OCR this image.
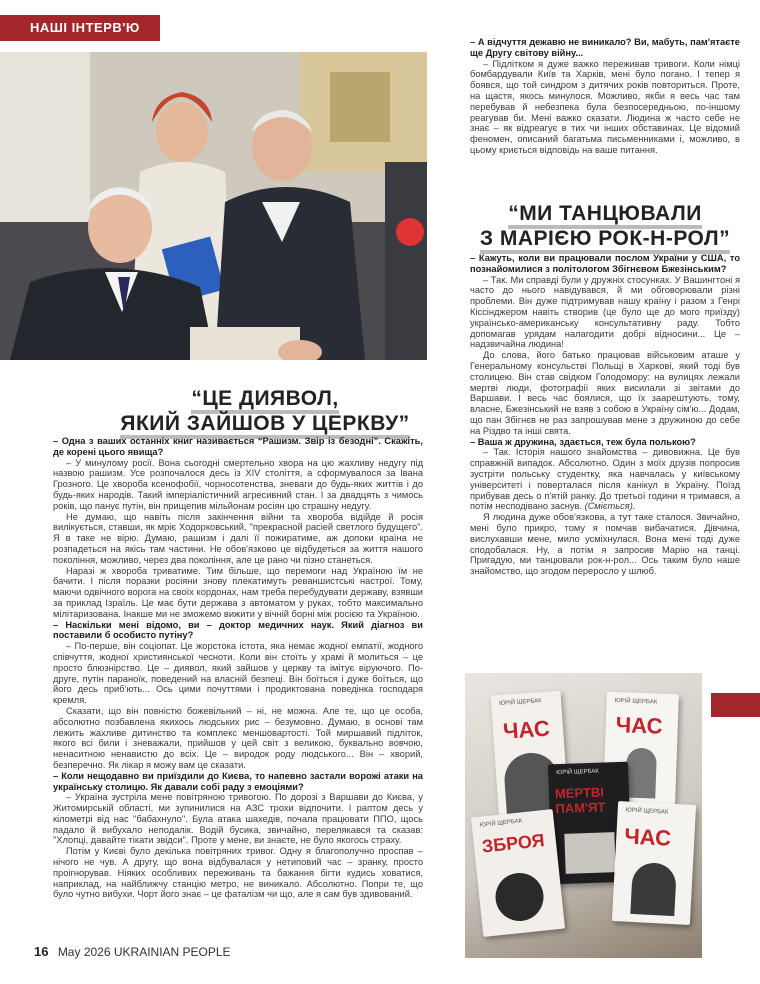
НАШІ ІНТЕРВ'Ю
“ЦЕ ДИЯВОЛ,
ЯКИЙ ЗАЙШОВ У ЦЕРКВУ”

– Одна з ваших останніх книг називається “Рашизм. Звір із безодні”. Скажіть, де корені цього явища?

– У минулому росії. Вона сьогодні смертельно хвора на цю жахливу недугу під назвою рашизм. Усе розпочалося десь із XIV століття, а сформувалося за Івана Грозного. Це хвороба ксенофобії, чорносотенства, зневаги до будь-яких життів і до будь-яких народів. Такий імперіалістичний агресивний стан. І за двадцять з чимось років, що панує путін, він прищепив мільйонам росіян цю страшну недугу.

Не думаю, що навіть після закінчення війни та хвороба відійде й росія вилікується, ставши, як мріє Ходорковський, "прекрасной расіей светлого будущего". Я в таке не вірю. Думаю, рашизм і далі її пожиратиме, аж допоки країна не розпадеться на якісь там частини. Не обов'язково це відбудеться за життя нашого покоління, можливо, через два покоління, але це рано чи пізно станеться.

Наразі ж хвороба триватиме. Тим більше, що перемоги над Україною їм не бачити. І після поразки росіяни знову плекатимуть реваншистські настрої. Тому, маючи одвічного ворога на своїх кордонах, нам треба перебудувати державу, взявши за приклад Ізраїль. Це має бути держава з автоматом у руках, тобто максимально мілітаризована. Інакше ми не зможемо вижити у вічній борні між росією та Україною.

– Наскільки мені відомо, ви – доктор медичних наук. Який діагноз ви поставили б особисто путіну?

– По-перше, він соціопат. Це жорстока істота, яка немає жодної емпатії, жодного співчуття, жодної християнської чесноти. Коли він стоїть у храмі й молиться – це просто блюзнірство. Це – диявол, який зайшов у церкву та імітує віруючого. По-друге, путін параноїк, поведений на власній безпеці. Він боїться і дуже боїться, що його десь приб'ють... Ось цими почуттями і продиктована поведінка господаря кремля.

Сказати, що він повністю божевільний – ні, не можна. Але те, що це особа, абсолютно позбавлена якихось людських рис – безумовно. Думаю, в основі там лежить жахливе дитинство та комплекс меншовартості. Той миршавий підліток, якого всі били і зневажали, прийшов у цей світ з великою, буквально вовчою, ненаситною ненавистю до всіх. Це – виродок роду людського... Він – хворий, безперечно. Як лікар я можу вам це сказати.

– Коли нещодавно ви приїздили до Києва, то напевно застали ворожі атаки на українську столицю. Як давали собі раду з емоціями?

– Україна зустріла мене повітряною тривогою. По дорозі з Варшави до Києва, у Житомирській області, ми зупинилися на АЗС трохи відпочити. І раптом десь у кілометрі від нас "бабахнуло". Була атака шахедів, почала працювати ППО, щось падало й вибухало неподалік. Водій бусика, звичайно, перелякався та сказав: "Хлопці, давайте тікати звідси". Проте у мене, ви знаєте, не було якогось страху.

Потім у Києві було декілька повітряних тривог. Одну я благополучно проспав – нічого не чув. А другу, що вона відбувалася у нетиповий час – зранку, просто проігнорував. Ніяких особливих переживань та бажання бігти кудись ховатися, наприклад, на найближчу станцію метро, не виникало. Абсолютно. Попри те, що було чутно вибухи. Чорт його знає – це фаталізм чи що, але я сам був здивований.

– А відчуття дежавю не виникало? Ви, мабуть, пам'ятаєте ще Другу світову війну...

– Підлітком я дуже важко переживав тривоги. Коли німці бомбардували Київ та Харків, мені було погано. І тепер я боявся, що той синдром з дитячих років повториться. Проте, на щастя, якось минулося. Можливо, якби я весь час там перебував й небезпека була безпосередньою, по-іншому реагував би. Мені важко сказати. Людина ж часто себе не знає – як відреагує в тих чи інших обставинах. Це відомий феномен, описаний багатьма письменниками і, можливо, в цьому криється відповідь на ваше питання.

“МИ ТАНЦЮВАЛИ
З МАРІЄЮ РОК-Н-РОЛ”

– Кажуть, коли ви працювали послом України у США, то познайомилися з політологом Збігнєвом Бжезінським?

– Так. Ми справді були у дружніх стосунках. У Вашингтоні я часто до нього навідувався, й ми обговорювали різні проблеми. Він дуже підтримував нашу країну і разом з Генрі Кіссінджером навіть створив (це було ще до мого приїзду) українсько-американську консультативну раду. Тобто допомагав урядам налагодити добрі відносини... Це – надзвичайна людина!

До слова, його батько працював військовим аташе у Генеральному консульстві Польщі в Харкові, який тоді був столицею. Він став свідком Голодомору: на вулицях лежали мертві люди, фотографії яких висилали зі звітами до Варшави. І весь час боялися, що їх заарештують, тому, власне, Бжезінський не взяв з собою в Україну сім'ю... Додам, що пан Збігнєв не раз запрошував мене з дружиною до себе на Різдво та інші свята.

– Ваша ж дружина, здається, теж була полькою?

– Так. Історія нашого знайомства – дивовижна. Це був справжній випадок. Абсолютно. Один з моїх друзів попросив зустріти польську студентку, яка навчалась у київському університеті і поверталася після канікул в Україну. Поїзд прибував десь о п'ятій ранку. До третьої години я тримався, а потім несподівано заснув. (Сміється).

Я людина дуже обов'язкова, а тут таке сталося. Звичайно, мені було прикро, тому я помчав вибачатися. Дівчина, вислухавши мене, мило усміхнулася. Вона мені тоді дуже сподобалася. Ну, а потім я запросив Марію на танці. Пригадую, ми танцювали рок-н-рол... Ось таким було наше знайомство, що згодом переросло у шлюб.

ЮРІЙ ЩЕРБАК
ЧАС
ЮРІЙ ЩЕРБАК
ЧАС
ЮРІЙ ЩЕРБАК
МЕРТВІ ПАМ'ЯТ
ЮРІЙ ЩЕРБАК
ЗБРОЯ
ЮРІЙ ЩЕРБАК
ЧАС
16 May 2026 UKRAINIAN PEOPLE
